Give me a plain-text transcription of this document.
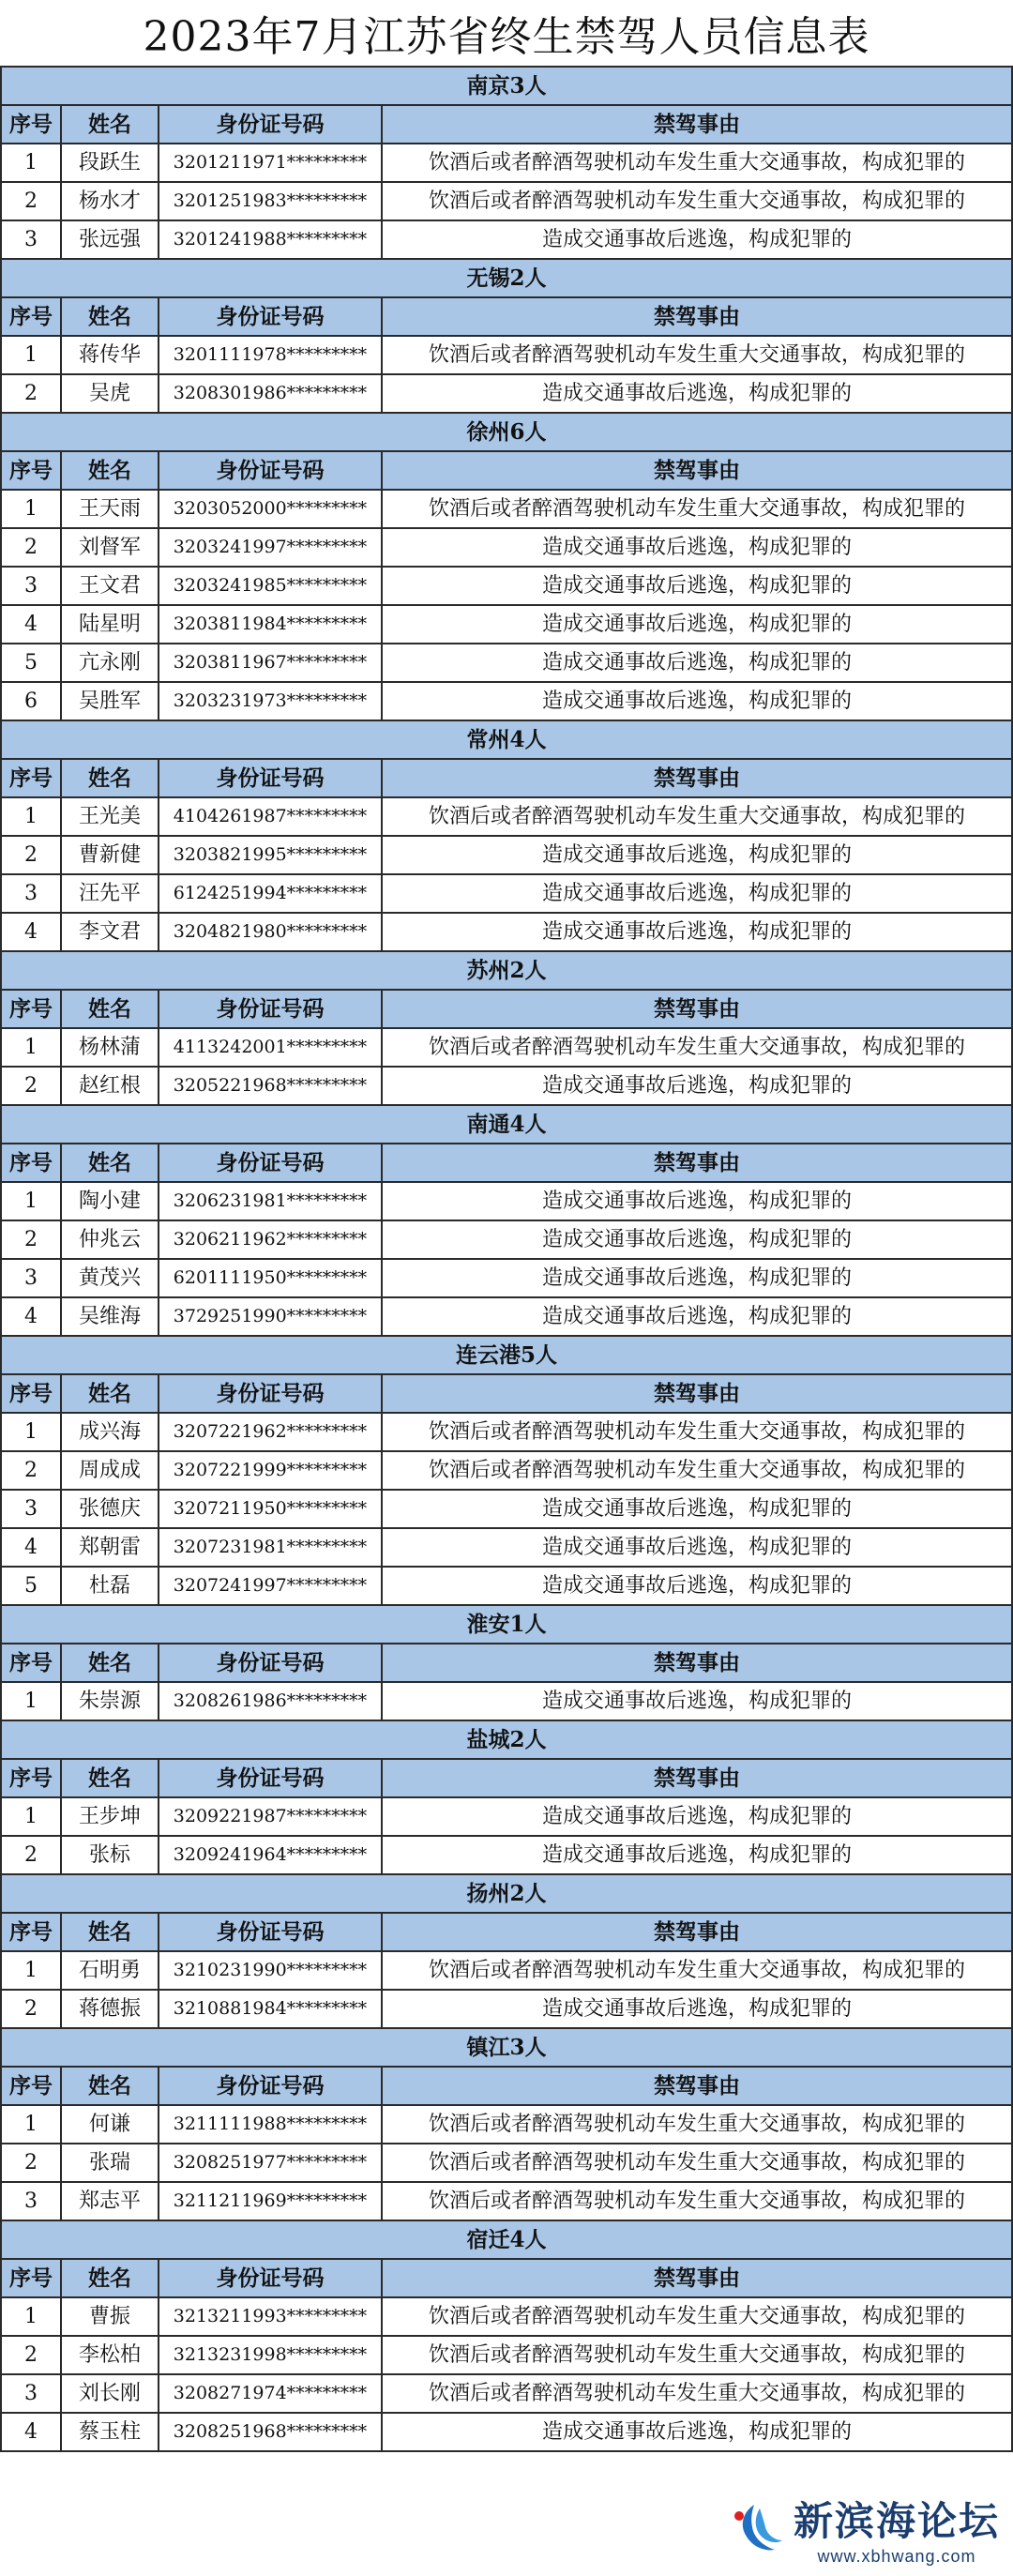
2023年7月江苏省终生禁驾人员信息表
南京3人			
序号	姓名	身份证号码	禁驾事由
1	段跃生	3201211971*********	饮酒后或者醉酒驾驶机动车发生重大交通事故，构成犯罪的
2	杨水才	3201251983*********	饮酒后或者醉酒驾驶机动车发生重大交通事故，构成犯罪的
3	张远强	3201241988*********	造成交通事故后逃逸，构成犯罪的
无锡2人			
序号	姓名	身份证号码	禁驾事由
1	蒋传华	3201111978*********	饮酒后或者醉酒驾驶机动车发生重大交通事故，构成犯罪的
2	吴虎	3208301986*********	造成交通事故后逃逸，构成犯罪的
徐州6人			
序号	姓名	身份证号码	禁驾事由
1	王天雨	3203052000*********	饮酒后或者醉酒驾驶机动车发生重大交通事故，构成犯罪的
2	刘督军	3203241997*********	造成交通事故后逃逸，构成犯罪的
3	王文君	3203241985*********	造成交通事故后逃逸，构成犯罪的
4	陆星明	3203811984*********	造成交通事故后逃逸，构成犯罪的
5	亢永刚	3203811967*********	造成交通事故后逃逸，构成犯罪的
6	吴胜军	3203231973*********	造成交通事故后逃逸，构成犯罪的
常州4人			
序号	姓名	身份证号码	禁驾事由
1	王光美	4104261987*********	饮酒后或者醉酒驾驶机动车发生重大交通事故，构成犯罪的
2	曹新健	3203821995*********	造成交通事故后逃逸，构成犯罪的
3	汪先平	6124251994*********	造成交通事故后逃逸，构成犯罪的
4	李文君	3204821980*********	造成交通事故后逃逸，构成犯罪的
苏州2人			
序号	姓名	身份证号码	禁驾事由
1	杨林蒲	4113242001*********	饮酒后或者醉酒驾驶机动车发生重大交通事故，构成犯罪的
2	赵红根	3205221968*********	造成交通事故后逃逸，构成犯罪的
南通4人			
序号	姓名	身份证号码	禁驾事由
1	陶小建	3206231981*********	造成交通事故后逃逸，构成犯罪的
2	仲兆云	3206211962*********	造成交通事故后逃逸，构成犯罪的
3	黄茂兴	6201111950*********	造成交通事故后逃逸，构成犯罪的
4	吴维海	3729251990*********	造成交通事故后逃逸，构成犯罪的
连云港5人			
序号	姓名	身份证号码	禁驾事由
1	成兴海	3207221962*********	饮酒后或者醉酒驾驶机动车发生重大交通事故，构成犯罪的
2	周成成	3207221999*********	饮酒后或者醉酒驾驶机动车发生重大交通事故，构成犯罪的
3	张德庆	3207211950*********	造成交通事故后逃逸，构成犯罪的
4	郑朝雷	3207231981*********	造成交通事故后逃逸，构成犯罪的
5	杜磊	3207241997*********	造成交通事故后逃逸，构成犯罪的
淮安1人			
序号	姓名	身份证号码	禁驾事由
1	朱崇源	3208261986*********	造成交通事故后逃逸，构成犯罪的
盐城2人			
序号	姓名	身份证号码	禁驾事由
1	王步坤	3209221987*********	造成交通事故后逃逸，构成犯罪的
2	张标	3209241964*********	造成交通事故后逃逸，构成犯罪的
扬州2人			
序号	姓名	身份证号码	禁驾事由
1	石明勇	3210231990*********	饮酒后或者醉酒驾驶机动车发生重大交通事故，构成犯罪的
2	蒋德振	3210881984*********	造成交通事故后逃逸，构成犯罪的
镇江3人			
序号	姓名	身份证号码	禁驾事由
1	何谦	3211111988*********	饮酒后或者醉酒驾驶机动车发生重大交通事故，构成犯罪的
2	张瑞	3208251977*********	饮酒后或者醉酒驾驶机动车发生重大交通事故，构成犯罪的
3	郑志平	3211211969*********	饮酒后或者醉酒驾驶机动车发生重大交通事故，构成犯罪的
宿迁4人			
序号	姓名	身份证号码	禁驾事由
1	曹振	3213211993*********	饮酒后或者醉酒驾驶机动车发生重大交通事故，构成犯罪的
2	李松柏	3213231998*********	饮酒后或者醉酒驾驶机动车发生重大交通事故，构成犯罪的
3	刘长刚	3208271974*********	饮酒后或者醉酒驾驶机动车发生重大交通事故，构成犯罪的
4	蔡玉柱	3208251968*********	造成交通事故后逃逸，构成犯罪的
新滨海论坛
www.xbhwang.com
